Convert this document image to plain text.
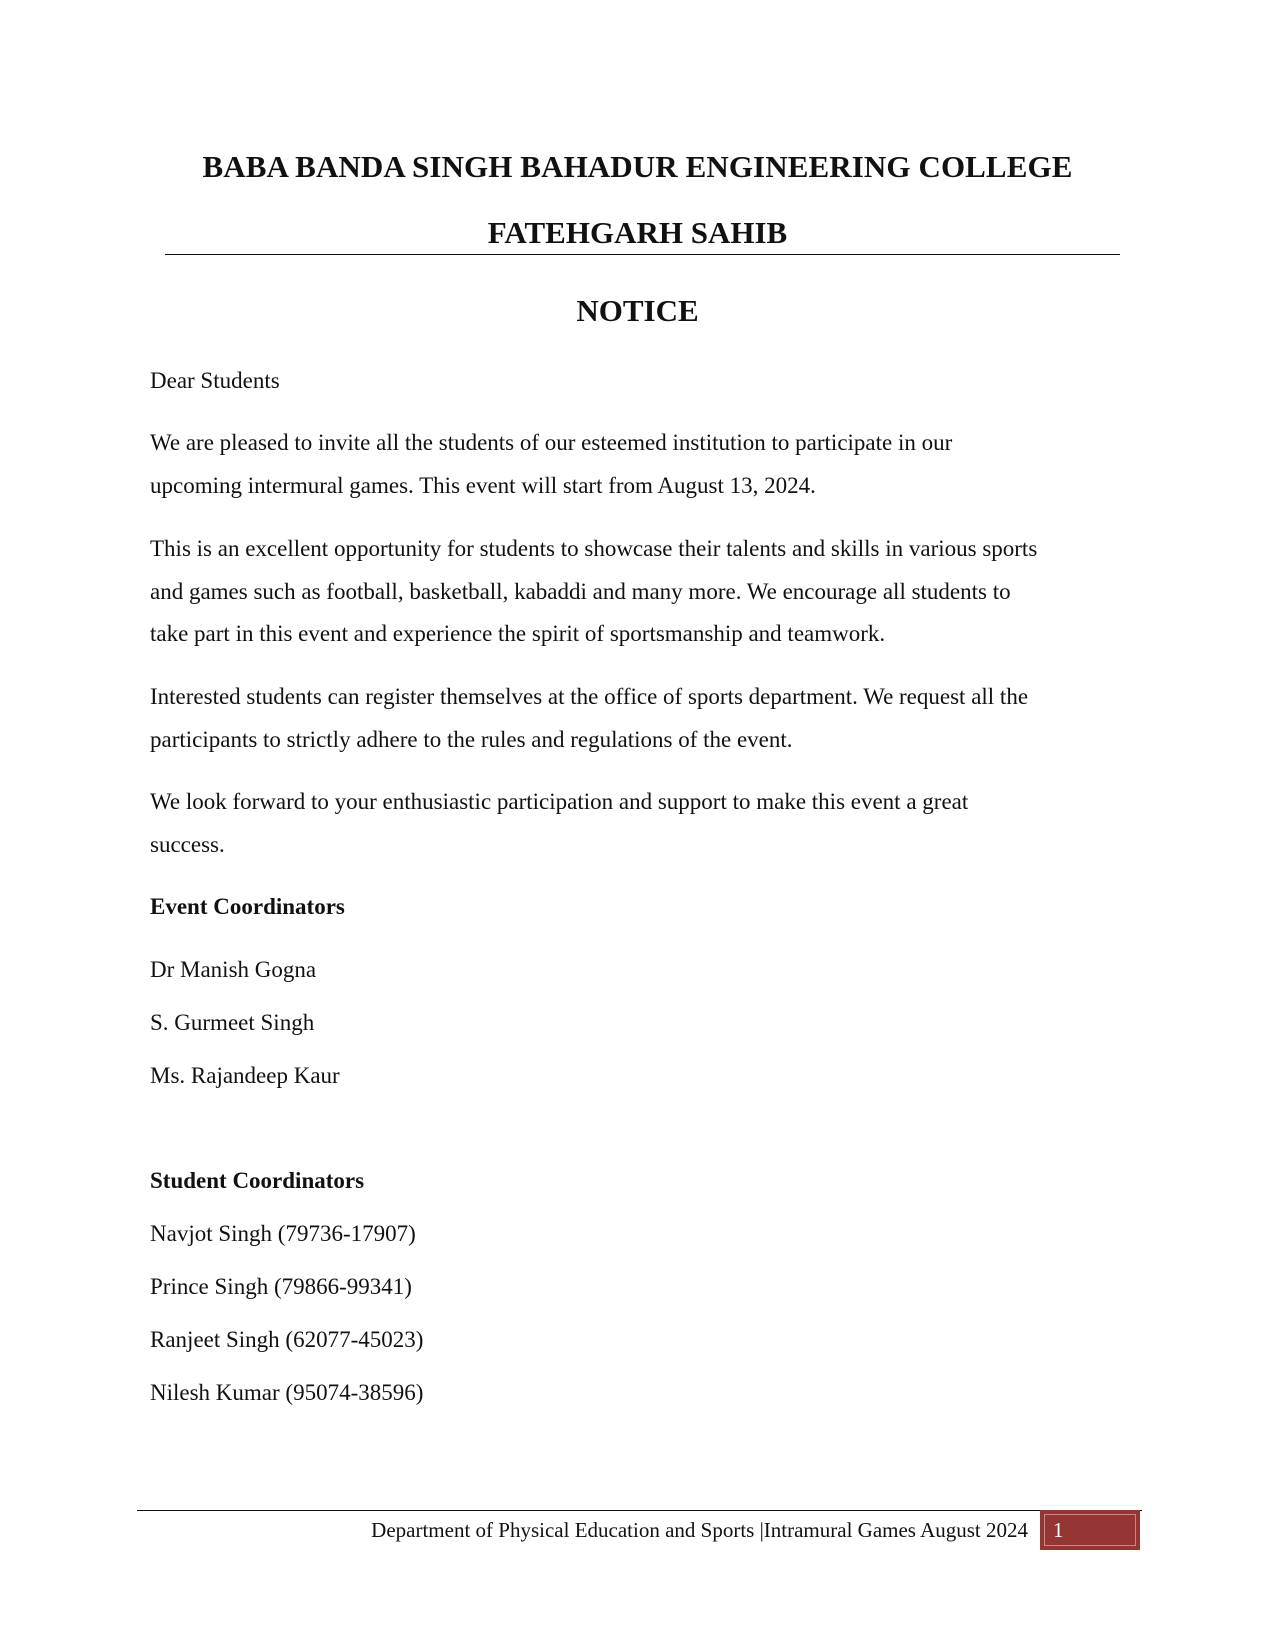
BABA BANDA SINGH BAHADUR ENGINEERING COLLEGE
FATEHGARH SAHIB
NOTICE
Dear Students
We are pleased to invite all the students of our esteemed institution to participate in our
upcoming intermural games. This event will start from August 13, 2024.
This is an excellent opportunity for students to showcase their talents and skills in various sports
and games such as football, basketball, kabaddi and many more. We encourage all students to
take part in this event and experience the spirit of sportsmanship and teamwork.
Interested students can register themselves at the office of sports department. We request all the
participants to strictly adhere to the rules and regulations of the event.
We look forward to your enthusiastic participation and support to make this event a great
success.
Event Coordinators
Dr Manish Gogna
S. Gurmeet Singh
Ms. Rajandeep Kaur
Student Coordinators
Navjot Singh (79736-17907)
Prince Singh (79866-99341)
Ranjeet Singh (62077-45023)
Nilesh Kumar (95074-38596)
Department of Physical Education and Sports |Intramural Games August 2024 1
